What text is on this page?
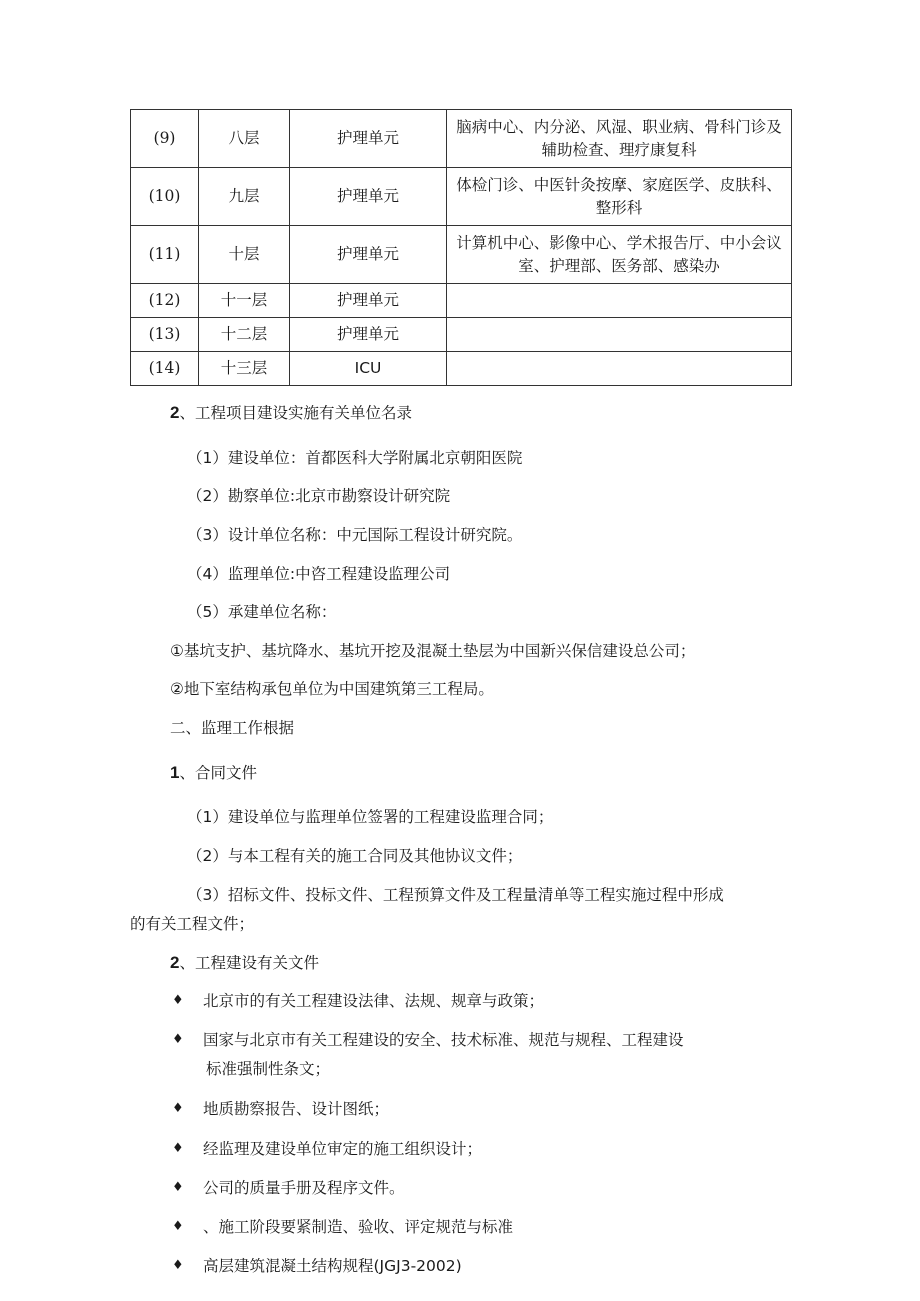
(9)	八层	护理单元	脑病中心、内分泌、风湿、职业病、骨科门诊及辅助检查、理疗康复科
(10)	九层	护理单元	体检门诊、中医针灸按摩、家庭医学、皮肤科、整形科
(11)	十层	护理单元	计算机中心、影像中心、学术报告厅、中小会议室、护理部、医务部、感染办
(12)	十一层	护理单元	
(13)	十二层	护理单元	
(14)	十三层	ICU	
2、工程项目建设实施有关单位名录
（1）建设单位：首都医科大学附属北京朝阳医院
（2）勘察单位:北京市勘察设计研究院
（3）设计单位名称：中元国际工程设计研究院。
（4）监理单位:中咨工程建设监理公司
（5）承建单位名称：
①基坑支护、基坑降水、基坑开挖及混凝土垫层为中国新兴保信建设总公司；
②地下室结构承包单位为中国建筑第三工程局。
二、监理工作根据
1、合同文件
（1）建设单位与监理单位签署的工程建设监理合同；
（2）与本工程有关的施工合同及其他协议文件；
（3）招标文件、投标文件、工程预算文件及工程量清单等工程实施过程中形成
的有关工程文件；
2、工程建设有关文件
♦ 北京市的有关工程建设法律、法规、规章与政策；
♦ 国家与北京市有关工程建设的安全、技术标准、规范与规程、工程建设
标准强制性条文；
♦ 地质勘察报告、设计图纸；
♦ 经监理及建设单位审定的施工组织设计；
♦ 公司的质量手册及程序文件。
♦ 、施工阶段要紧制造、验收、评定规范与标准
♦ 高层建筑混凝土结构规程(JGJ3-2002)
